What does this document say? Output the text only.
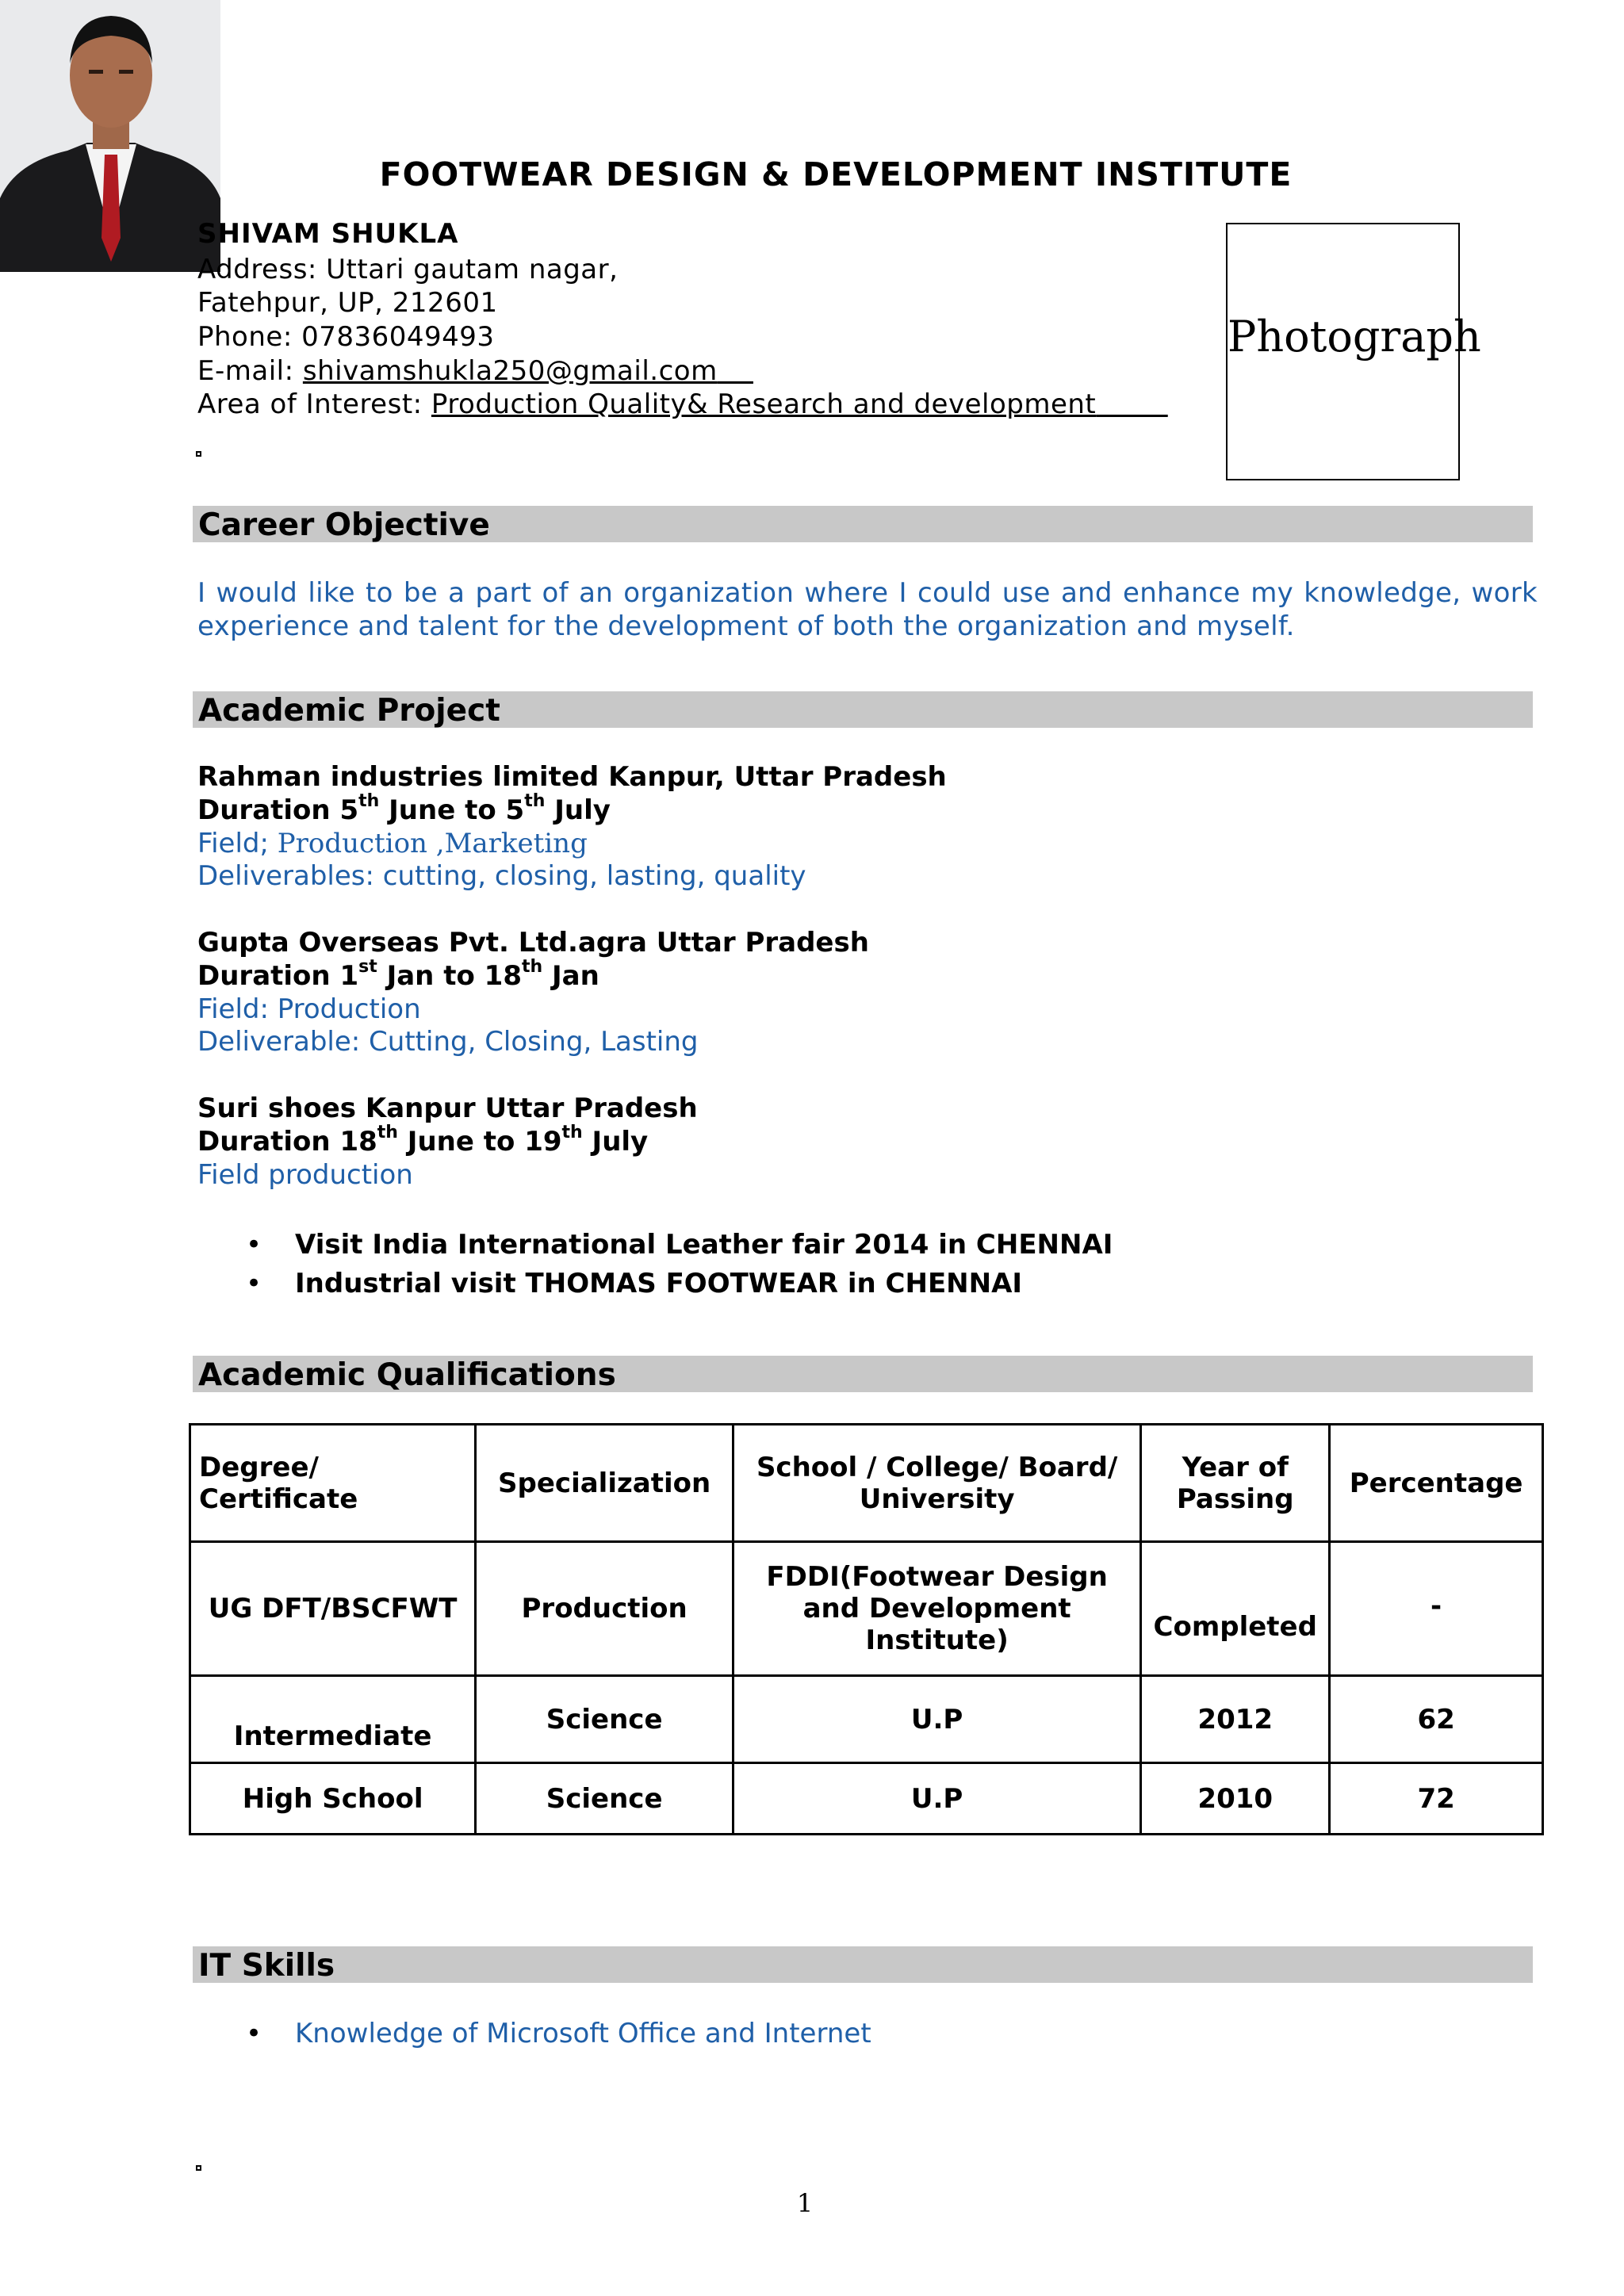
FOOTWEAR DESIGN & DEVELOPMENT INSTITUTE
SHIVAM SHUKLA
Address: Uttari gautam nagar,
Fatehpur, UP, 212601
Phone: 07836049493
E-mail: shivamshukla250@gmail.com
Area of Interest: Production Quality& Research and development
Photograph
Career Objective
I would like to be a part of an organization where I could use and enhance my knowledge, work experience and talent for the development of both the organization and myself.
Academic Project
Rahman industries limited Kanpur, Uttar Pradesh
Duration 5th June to 5th July
Field; Production ,Marketing
Deliverables: cutting, closing, lasting, quality
Gupta Overseas Pvt. Ltd.agra Uttar Pradesh
Duration 1st Jan to 18th Jan
Field: Production
Deliverable: Cutting, Closing, Lasting
Suri shoes Kanpur Uttar Pradesh
Duration 18th June to 19th July
Field production
• Visit India International Leather fair 2014 in CHENNAI
• Industrial visit THOMAS FOOTWEAR in CHENNAI
Academic Qualifications
Degree/ Certificate	Specialization	School / College/ Board/ University	Year of Passing	Percentage
UG DFT/BSCFWT	Production	FDDI(Footwear Design and Development Institute)	Completed	-
Intermediate	Science	U.P	2012	62
High School	Science	U.P	2010	72
IT Skills
• Knowledge of Microsoft Office and Internet
1
